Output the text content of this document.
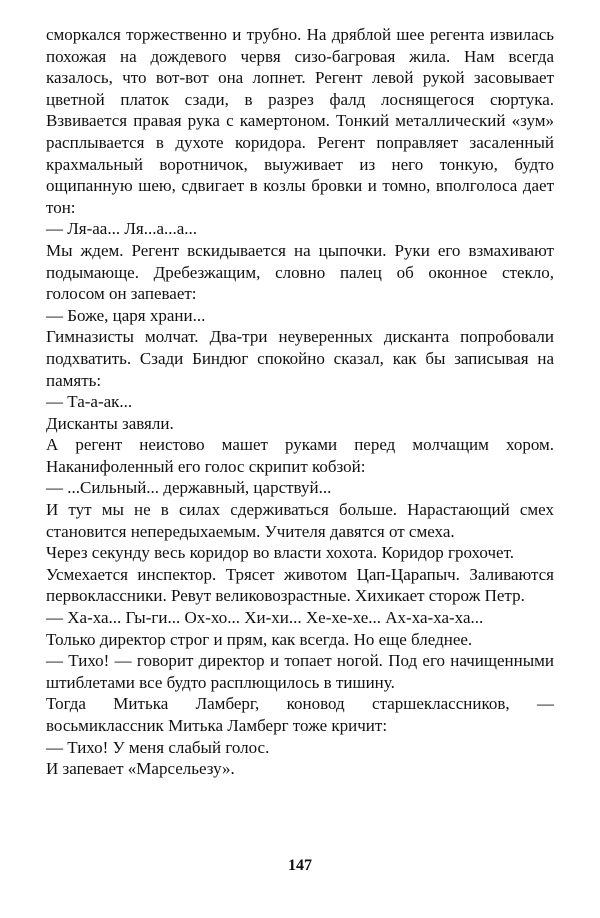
сморкался торжественно и трубно. На дряблой шее регента извилась похожая на дождевого червя сизо-багровая жила. Нам всегда казалось, что вот-вот она лопнет. Регент левой рукой засовывает цветной платок сзади, в разрез фалд лоснящегося сюртука. Взвивается правая рука с камертоном. Тонкий металлический «зум» расплывается в духоте коридора. Регент поправляет засаленный крахмальный воротничок, выуживает из него тонкую, будто ощипанную шею, сдвигает в козлы бровки и томно, вполголоса дает тон:

— Ля-аа... Ля...а...а...

Мы ждем. Регент вскидывается на цыпочки. Руки его взмахивают подымающе. Дребезжащим, словно палец об оконное стекло, голосом он запевает:

— Боже, царя храни...

Гимназисты молчат. Два-три неуверенных дисканта попробовали подхватить. Сзади Биндюг спокойно сказал, как бы записывая на память:

— Та-а-ак...

Дисканты завяли.

А регент неистово машет руками перед молчащим хором. Наканифоленный его голос скрипит кобзой:

— ...Сильный... державный, царствуй...

И тут мы не в силах сдерживаться больше. Нарастающий смех становится непередыхаемым. Учителя давятся от смеха.

Через секунду весь коридор во власти хохота. Коридор грохочет.

Усмехается инспектор. Трясет животом Цап-Царапыч. Заливаются первоклассники. Ревут великовозрастные. Хихикает сторож Петр.

— Ха-ха... Гы-ги... Ох-хо... Хи-хи... Хе-хе-хе... Ах-ха-ха-ха...

Только директор строг и прям, как всегда. Но еще бледнее.

— Тихо! — говорит директор и топает ногой. Под его начищенными штиблетами все будто расплющилось в тишину.

Тогда Митька Ламберг, коновод старшеклассников, — восьмиклассник Митька Ламберг тоже кричит:

— Тихо! У меня слабый голос.

И запевает «Марсельезу».

147
